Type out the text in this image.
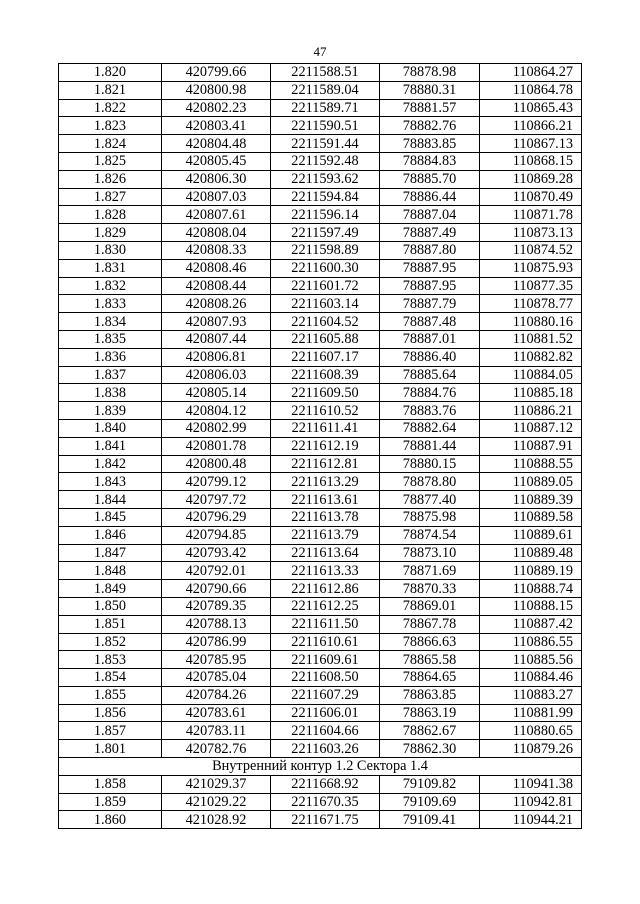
47
1.820	420799.66	2211588.51	78878.98	110864.27
1.821	420800.98	2211589.04	78880.31	110864.78
1.822	420802.23	2211589.71	78881.57	110865.43
1.823	420803.41	2211590.51	78882.76	110866.21
1.824	420804.48	2211591.44	78883.85	110867.13
1.825	420805.45	2211592.48	78884.83	110868.15
1.826	420806.30	2211593.62	78885.70	110869.28
1.827	420807.03	2211594.84	78886.44	110870.49
1.828	420807.61	2211596.14	78887.04	110871.78
1.829	420808.04	2211597.49	78887.49	110873.13
1.830	420808.33	2211598.89	78887.80	110874.52
1.831	420808.46	2211600.30	78887.95	110875.93
1.832	420808.44	2211601.72	78887.95	110877.35
1.833	420808.26	2211603.14	78887.79	110878.77
1.834	420807.93	2211604.52	78887.48	110880.16
1.835	420807.44	2211605.88	78887.01	110881.52
1.836	420806.81	2211607.17	78886.40	110882.82
1.837	420806.03	2211608.39	78885.64	110884.05
1.838	420805.14	2211609.50	78884.76	110885.18
1.839	420804.12	2211610.52	78883.76	110886.21
1.840	420802.99	2211611.41	78882.64	110887.12
1.841	420801.78	2211612.19	78881.44	110887.91
1.842	420800.48	2211612.81	78880.15	110888.55
1.843	420799.12	2211613.29	78878.80	110889.05
1.844	420797.72	2211613.61	78877.40	110889.39
1.845	420796.29	2211613.78	78875.98	110889.58
1.846	420794.85	2211613.79	78874.54	110889.61
1.847	420793.42	2211613.64	78873.10	110889.48
1.848	420792.01	2211613.33	78871.69	110889.19
1.849	420790.66	2211612.86	78870.33	110888.74
1.850	420789.35	2211612.25	78869.01	110888.15
1.851	420788.13	2211611.50	78867.78	110887.42
1.852	420786.99	2211610.61	78866.63	110886.55
1.853	420785.95	2211609.61	78865.58	110885.56
1.854	420785.04	2211608.50	78864.65	110884.46
1.855	420784.26	2211607.29	78863.85	110883.27
1.856	420783.61	2211606.01	78863.19	110881.99
1.857	420783.11	2211604.66	78862.67	110880.65
1.801	420782.76	2211603.26	78862.30	110879.26
Внутренний контур 1.2 Сектора 1.4				
1.858	421029.37	2211668.92	79109.82	110941.38
1.859	421029.22	2211670.35	79109.69	110942.81
1.860	421028.92	2211671.75	79109.41	110944.21
